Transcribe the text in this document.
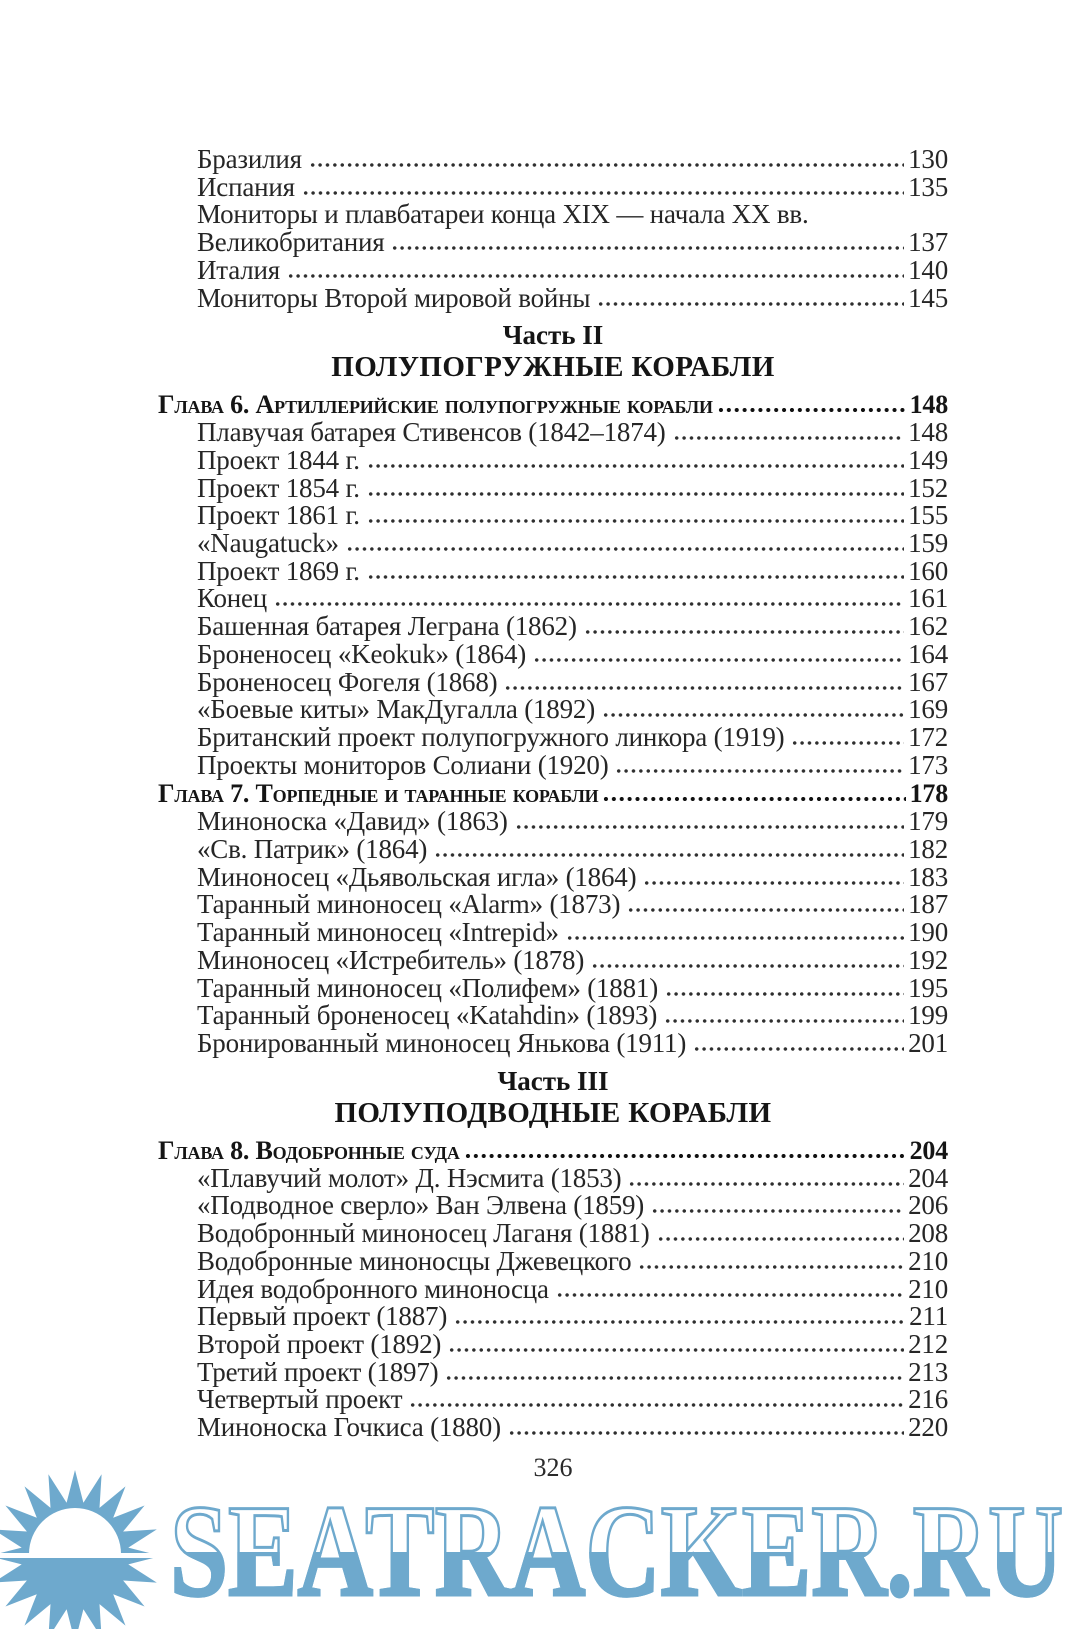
Бразилия	130
Испания	135
Мониторы и плавбатареи конца XIX — начала XX вв.
Великобритания	137
Италия	140
Мониторы Второй мировой войны	145
Часть II
ПОЛУПОГРУЖНЫЕ КОРАБЛИ
Глава 6. Артиллерийские полупогружные корабли	148
Плавучая батарея Стивенсов (1842–1874)	148
Проект 1844 г.	149
Проект 1854 г.	152
Проект 1861 г.	155
«Naugatuck»	159
Проект 1869 г.	160
Конец	161
Башенная батарея Леграна (1862)	162
Броненосец «Keokuk» (1864)	164
Броненосец Фогеля (1868)	167
«Боевые киты» МакДугалла (1892)	169
Британский проект полупогружного линкора (1919)	172
Проекты мониторов Солиани (1920)	173
Глава 7. Торпедные и таранные корабли	178
Миноноска «Давид» (1863)	179
«Св. Патрик» (1864)	182
Миноносец «Дьявольская игла» (1864)	183
Таранный миноносец «Alarm» (1873)	187
Таранный миноносец «Intrepid»	190
Миноносец «Истребитель» (1878)	192
Таранный миноносец «Полифем» (1881)	195
Таранный броненосец «Katahdin» (1893)	199
Бронированный миноносец Янькова (1911)	201
Часть III
ПОЛУПОДВОДНЫЕ КОРАБЛИ
Глава 8. Водобронные суда	204
«Плавучий молот» Д. Нэсмита (1853)	204
«Подводное сверло» Ван Элвена (1859)	206
Водобронный миноносец Лаганя (1881)	208
Водобронные миноносцы Джевецкого	210
Идея водобронного миноносца	210
Первый проект (1887)	211
Второй проект (1892)	212
Третий проект (1897)	213
Четвертый проект	216
Миноноска Гочкиса (1880)	220
326
SEATRACKER.RU
